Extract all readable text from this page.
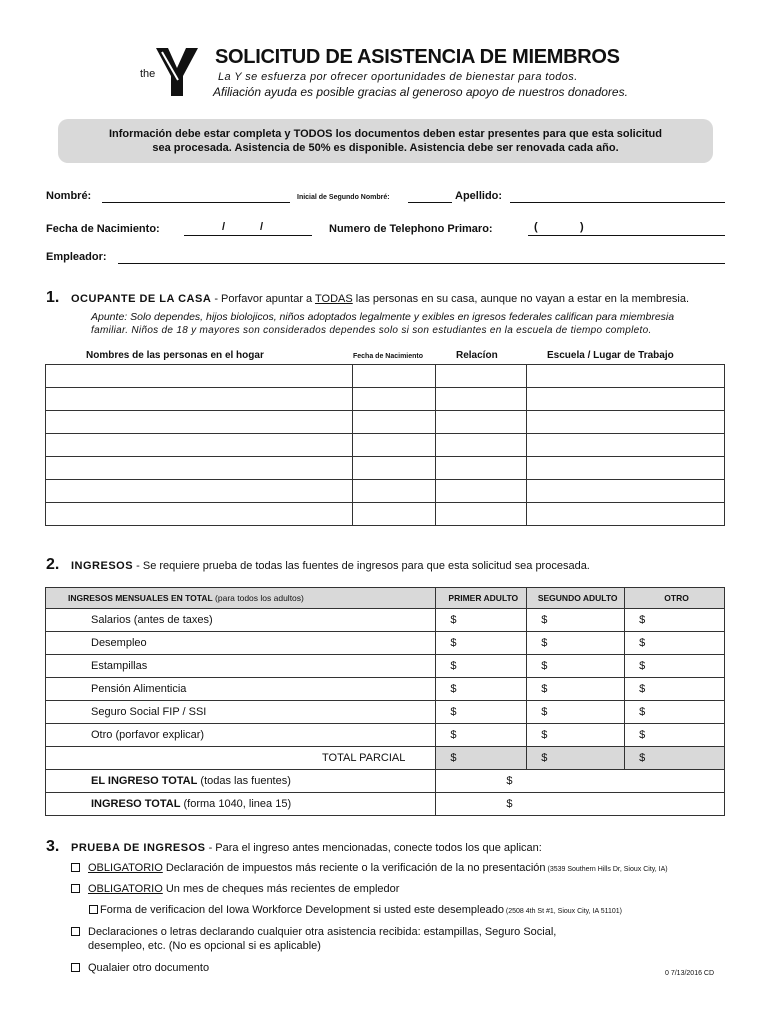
the
SOLICITUD DE ASISTENCIA DE MIEMBROS
La Y se esfuerza por ofrecer oportunidades de bienestar para todos.
Afiliación ayuda es posible gracias al generoso apoyo de nuestros donadores.
Información debe estar completa y TODOS los documentos deben estar presentes para que esta solicitud
sea procesada. Asistencia de 50% es disponible. Asistencia debe ser renovada cada año.
Nombré:	Inicial de Segundo Nombré:	Apellido:
Fecha de Nacimiento:	/	/	Numero de Telephono Primaro:	(	)
Empleador:
1. OCUPANTE DE LA CASA - Porfavor apuntar a TODAS las personas en su casa, aunque no vayan a estar en la membresia.
Apunte: Solo dependes, hijos biolojicos, niños adoptados legalmente y exibles en igresos federales califican para miembresia
familiar. Niños de 18 y mayores son considerados dependes solo si son estudiantes en la escuela de tiempo completo.
Nombres de las personas en el hogar	Fecha de Nacimiento	Relacíon	Escuela / Lugar de Trabajo

2. INGRESOS - Se requiere prueba de todas las fuentes de ingresos para que esta solicitud sea procesada.
INGRESOS MENSUALES EN TOTAL (para todos los adultos)	PRIMER ADULTO	SEGUNDO ADULTO	OTRO
Salarios (antes de taxes)	$	$	$
Desempleo	$	$	$
Estampillas	$	$	$
Pensión Alimenticia	$	$	$
Seguro Social FIP / SSI	$	$	$
Otro (porfavor explicar)	$	$	$
TOTAL PARCIAL	$	$	$
EL INGRESO TOTAL (todas las fuentes)	$		
INGRESO TOTAL (forma 1040, linea 15)	$		
3. PRUEBA DE INGRESOS - Para el ingreso antes mencionadas, conecte todos los que aplican:
OBLIGATORIO Declaración de impuestos más reciente o la verificación de la no presentación (3539 Southern Hills Dr, Sioux City, IA)
OBLIGATORIO Un mes de cheques más recientes de empledor
Forma de verificacion del Iowa Workforce Development si usted este desempleado (2508 4th St #1, Sioux City, IA 51101)
Declaraciones o letras declarando cualquier otra asistencia recibida: estampillas, Seguro Social,
desempleo, etc. (No es opcional si es aplicable)
Qualaier otro documento	0 7/13/2016 CD
